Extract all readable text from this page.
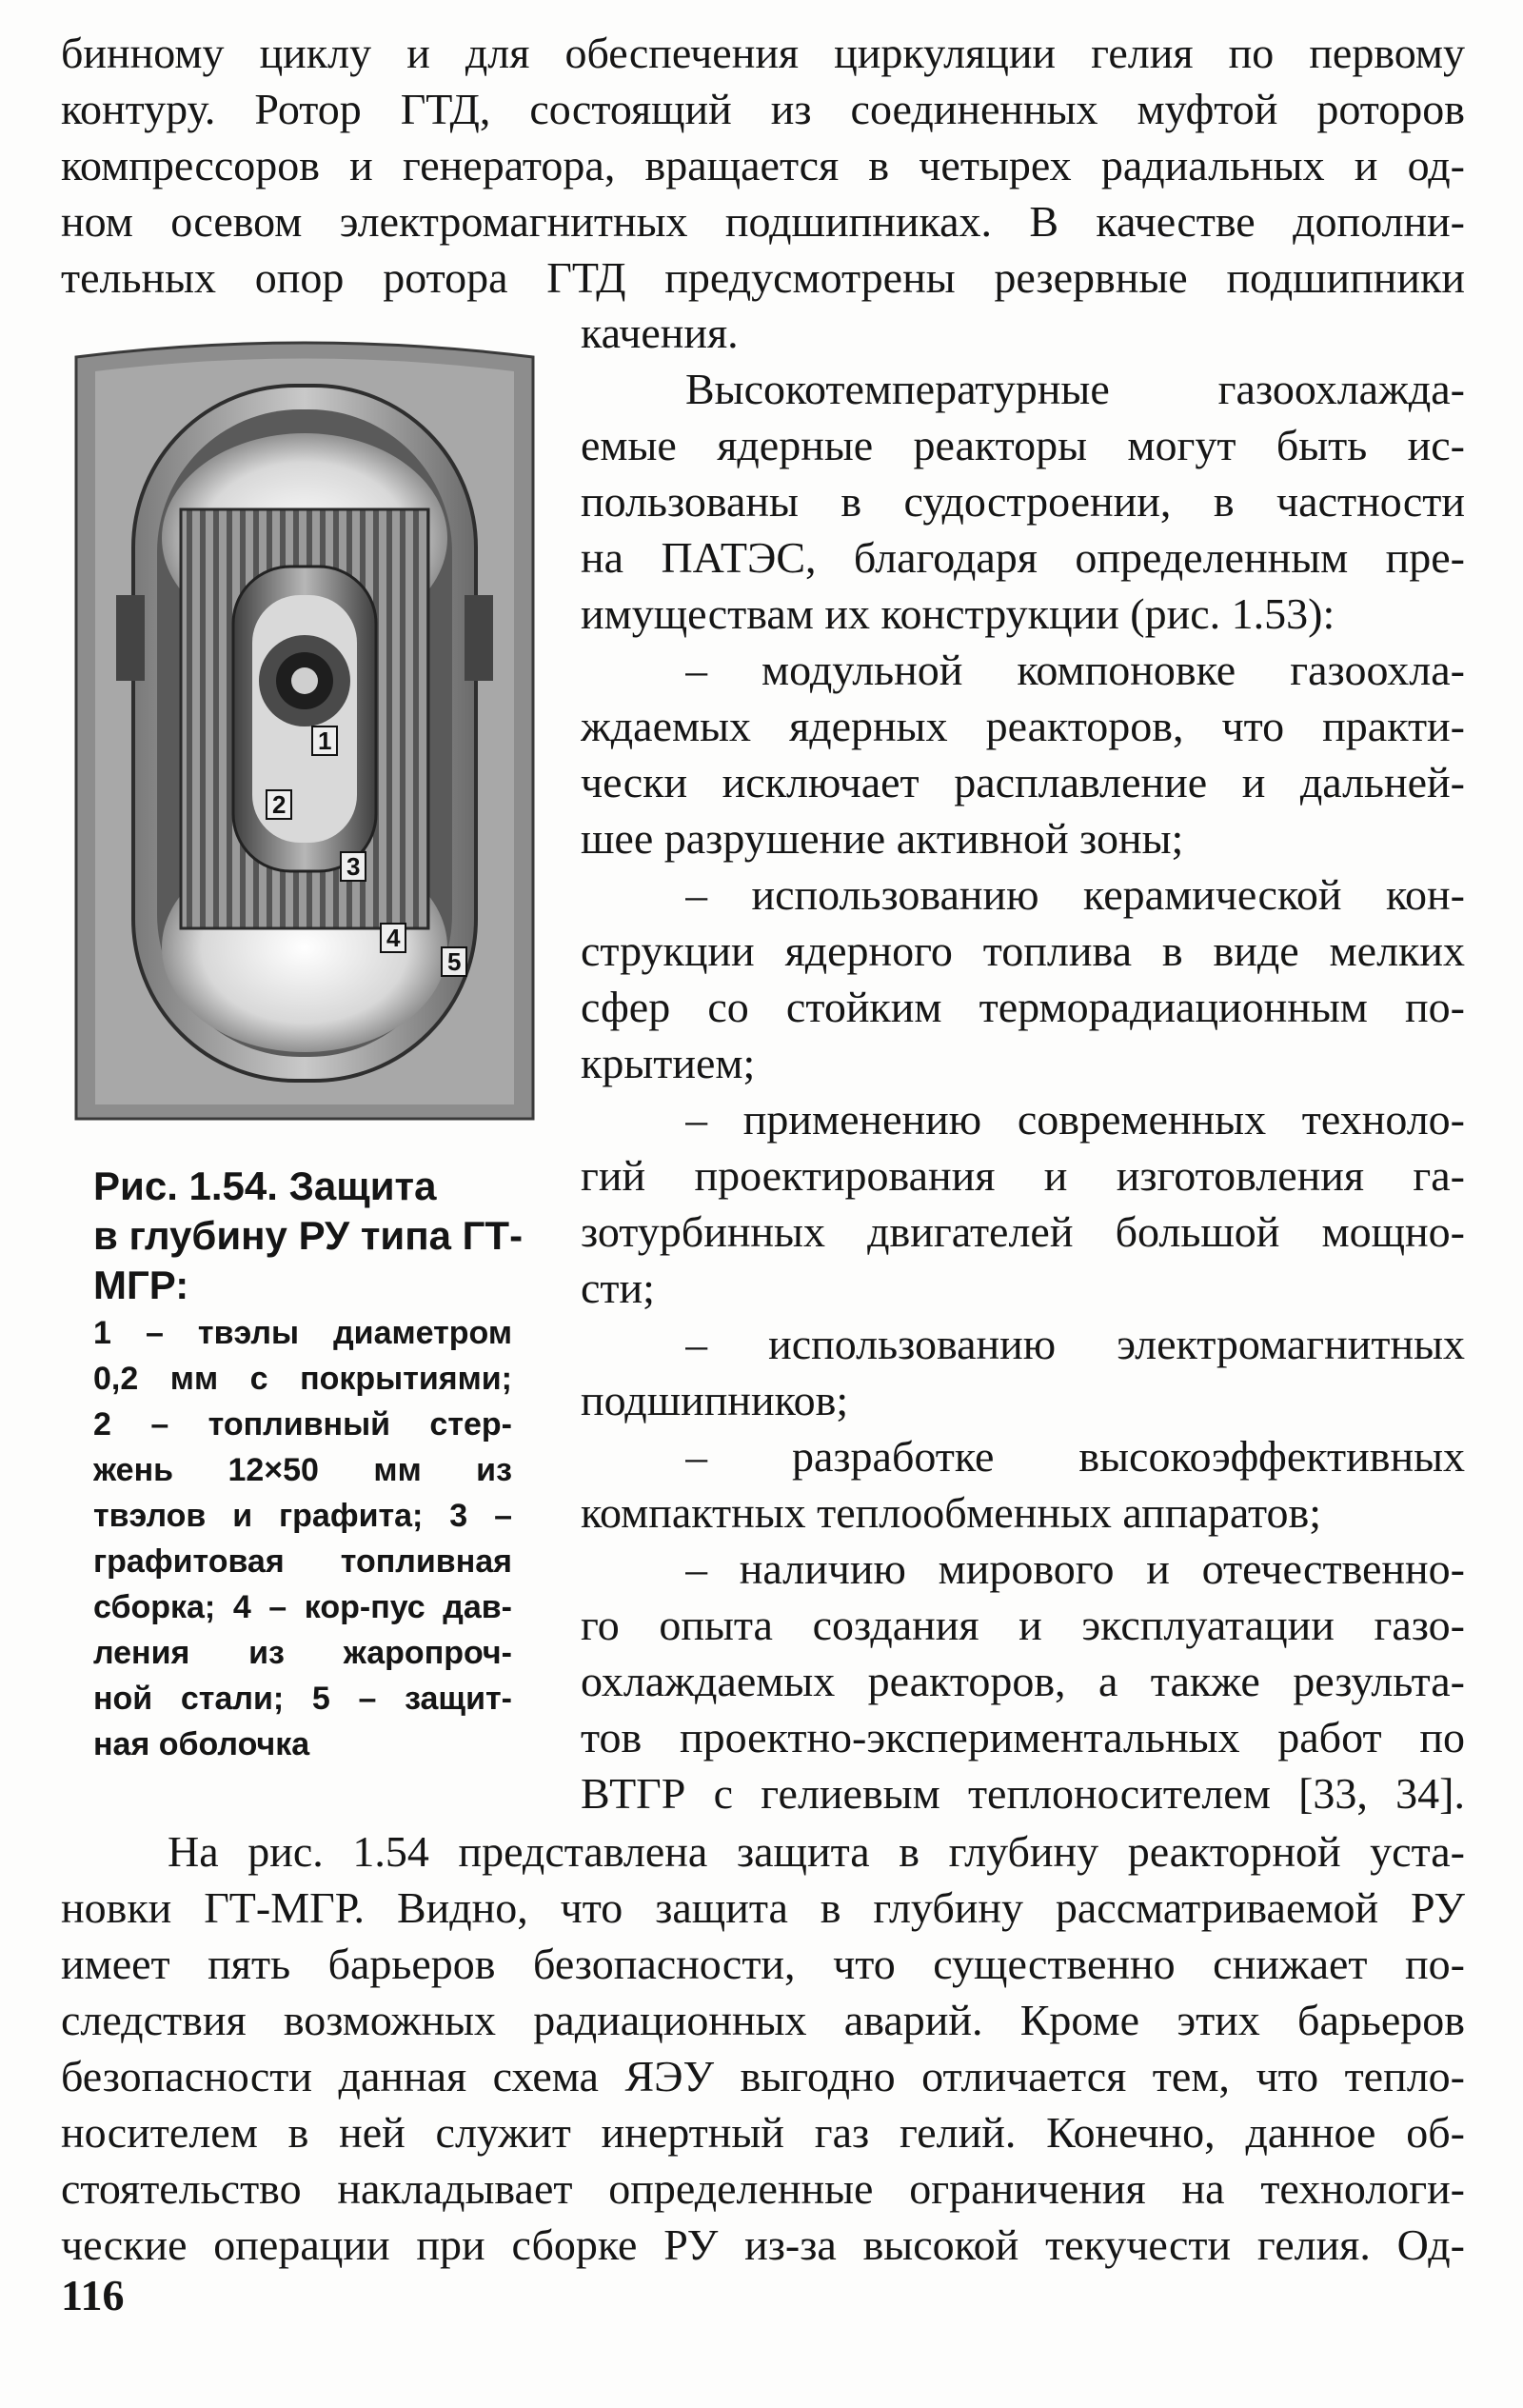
бинному циклу и для обеспечения циркуляции гелия по первому
контуру. Ротор ГТД, состоящий из соединенных муфтой роторов
компрессоров и генератора, вращается в четырех радиальных и од-
ном осевом электромагнитных подшипниках. В качестве дополни-
тельных опор ротора ГТД предусмотрены резервные подшипники
качения.
1
2
3
4
5
Рис. 1.54. Защита
в глубину РУ типа ГТ-
МГР:
1 – твэлы диаметром
0,2 мм с покрытиями;
2 – топливный стер-
жень 12×50 мм из
твэлов и графита; 3 –
графитовая топливная
сборка; 4 – кор-пус дав-
ления из жаропроч-
ной стали; 5 – защит-
ная оболочка
Высокотемпературные газоохлажда-
емые ядерные реакторы могут быть ис-
пользованы в судостроении, в частности
на ПАТЭС, благодаря определенным пре-
имуществам их конструкции (рис. 1.53):
– модульной компоновке газоохла-
ждаемых ядерных реакторов, что практи-
чески исключает расплавление и дальней-
шее разрушение активной зоны;
– использованию керамической кон-
струкции ядерного топлива в виде мелких
сфер со стойким терморадиационным по-
крытием;
– применению современных техноло-
гий проектирования и изготовления га-
зотурбинных двигателей большой мощно-
сти;
– использованию электромагнитных
подшипников;
– разработке высокоэффективных
компактных теплообменных аппаратов;
– наличию мирового и отечественно-
го опыта создания и эксплуатации газо-
охлаждаемых реакторов, а также результа-
тов проектно-экспериментальных работ по
ВТГР с гелиевым теплоносителем [33, 34].
На рис. 1.54 представлена защита в глубину реакторной уста-
новки ГТ-МГР. Видно, что защита в глубину рассматриваемой РУ
имеет пять барьеров безопасности, что существенно снижает по-
следствия возможных радиационных аварий. Кроме этих барьеров
безопасности данная схема ЯЭУ выгодно отличается тем, что тепло-
носителем в ней служит инертный газ гелий. Конечно, данное об-
стоятельство накладывает определенные ограничения на технологи-
ческие операции при сборке РУ из-за высокой текучести гелия. Од-
116
